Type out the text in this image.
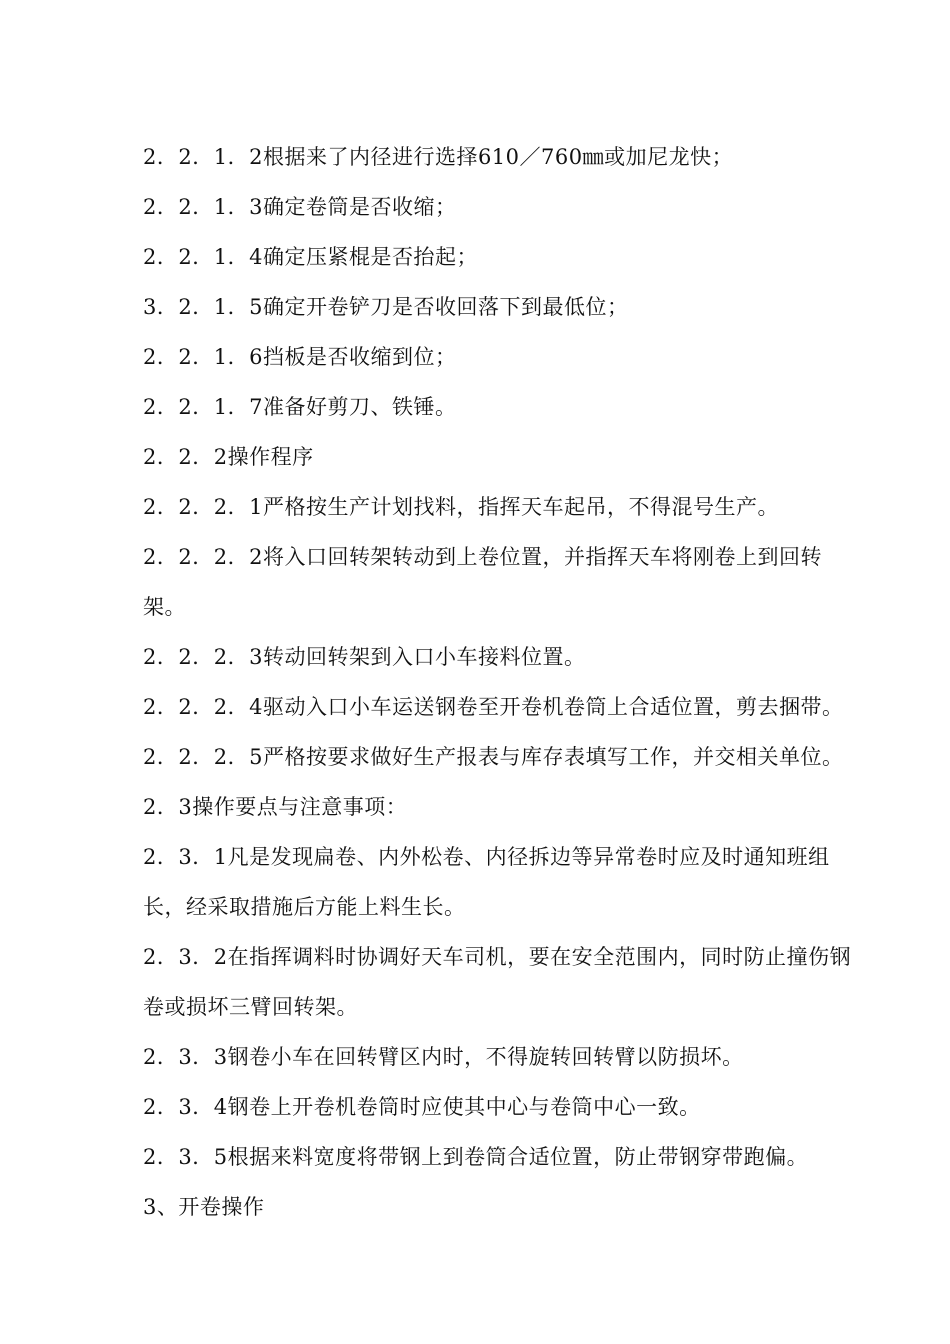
2．2．1．2根据来了内径进行选择610／760㎜或加尼龙快；

2．2．1．3确定卷筒是否收缩；

2．2．1．4确定压紧棍是否抬起；

3．2．1．5确定开卷铲刀是否收回落下到最低位；

2．2．1．6挡板是否收缩到位；

2．2．1．7准备好剪刀、铁锤。

2．2．2操作程序

2．2．2．1严格按生产计划找料，指挥天车起吊，不得混号生产。

2．2．2．2将入口回转架转动到上卷位置，并指挥天车将刚卷上到回转架。

2．2．2．3转动回转架到入口小车接料位置。

2．2．2．4驱动入口小车运送钢卷至开卷机卷筒上合适位置，剪去捆带。

2．2．2．5严格按要求做好生产报表与库存表填写工作，并交相关单位。

2．3操作要点与注意事项：

2．3．1凡是发现扁卷、内外松卷、内径拆边等异常卷时应及时通知班组长，经采取措施后方能上料生长。

2．3．2在指挥调料时协调好天车司机，要在安全范围内，同时防止撞伤钢卷或损坏三臂回转架。

2．3．3钢卷小车在回转臂区内时，不得旋转回转臂以防损坏。

2．3．4钢卷上开卷机卷筒时应使其中心与卷筒中心一致。

2．3．5根据来料宽度将带钢上到卷筒合适位置，防止带钢穿带跑偏。

3、开卷操作
